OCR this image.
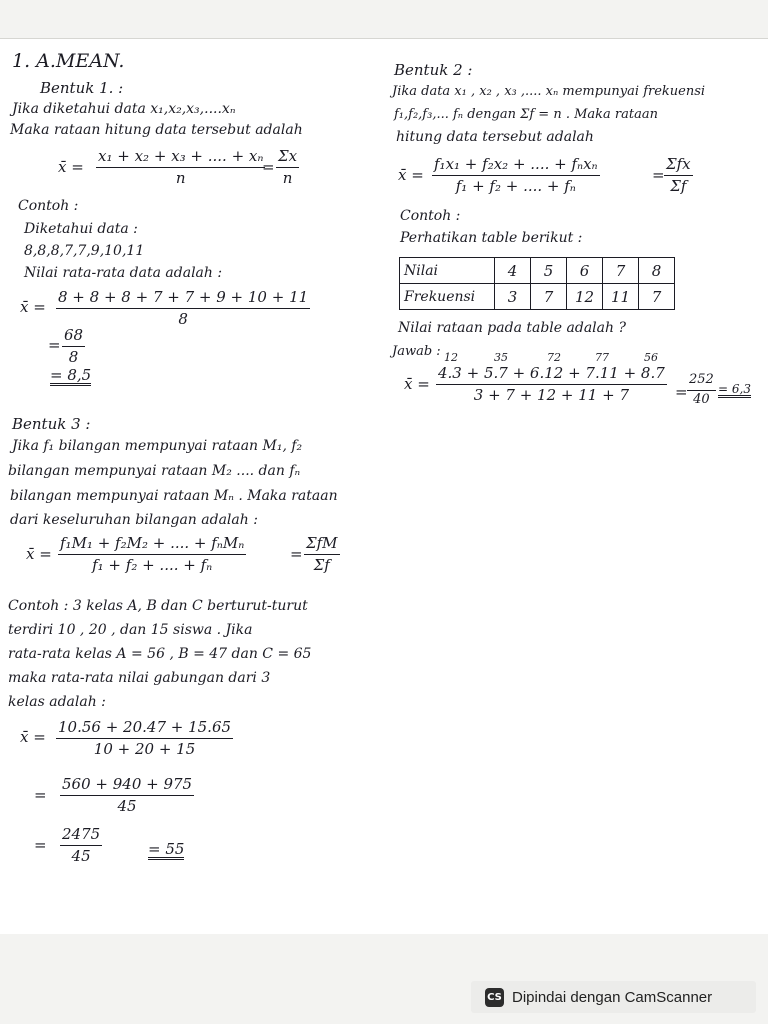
1. A.MEAN.
Bentuk 1. :
Jika diketahui data x₁,x₂,x₃,....xₙ
Maka rataan hitung data tersebut adalah
x̄ = $\frac{\text{x₁ + x₂ + x₃ + .... + xₙ}}{n}$
= $\frac{\Sigma x}{n}$
Contoh :
Diketahui data :
8,8,8,7,7,9,10,11
Nilai rata-rata data adalah :
x̄ = $\frac{8 + 8 + 8 + 7 + 7 + 9 + 10 + 11}{8}$
= $\frac{68}{8}$
= 8,5
Bentuk 3 :
Jika f₁ bilangan mempunyai rataan M₁, f₂
bilangan mempunyai rataan M₂ .... dan fₙ
bilangan mempunyai rataan Mₙ . Maka rataan
dari keseluruhan bilangan adalah :
x̄ =
f₁M₁ + f₂M₂ + .... + fₙMₙ
f₁ + f₂ + .... + fₙ
=
ΣfM
Σf
Contoh : 3 kelas A, B dan C berturut-turut
terdiri 10 , 20 , dan 15 siswa . Jika
rata-rata kelas A = 56 , B = 47 dan C = 65
maka rata-rata nilai gabungan dari 3
kelas adalah :
x̄ = $\frac{10.56 + 20.47 + 15.65}{10 + 20 + 15}$
= $\frac{560 + 940 + 975}{45}$
= $\frac{2475}{45}$	= 55
Bentuk 2 :
Jika data x₁ , x₂ , x₃ ,.... xₙ mempunyai frekuensi
f₁,f₂,f₃,... fₙ dengan Σf = n . Maka rataan
hitung data tersebut adalah
x̄ =
f₁x₁ + f₂x₂ + .... + fₙxₙ
f₁ + f₂ + .... + fₙ
=
Σfx
Σf
Contoh :
Perhatikan table berikut :
Nilai	4	5	6	7	8
Frekuensi	3	7	12	11	7
Nilai rataan pada table adalah ?
Jawab : 12	35	72	77	56
x̄ = $\frac{4.3 + 5.7 + 6.12 + 7.11 + 8.7}{3 + 7 + 12 + 11 + 7} = \frac{252}{40} = 6,3$
CS Dipindai dengan CamScanner
